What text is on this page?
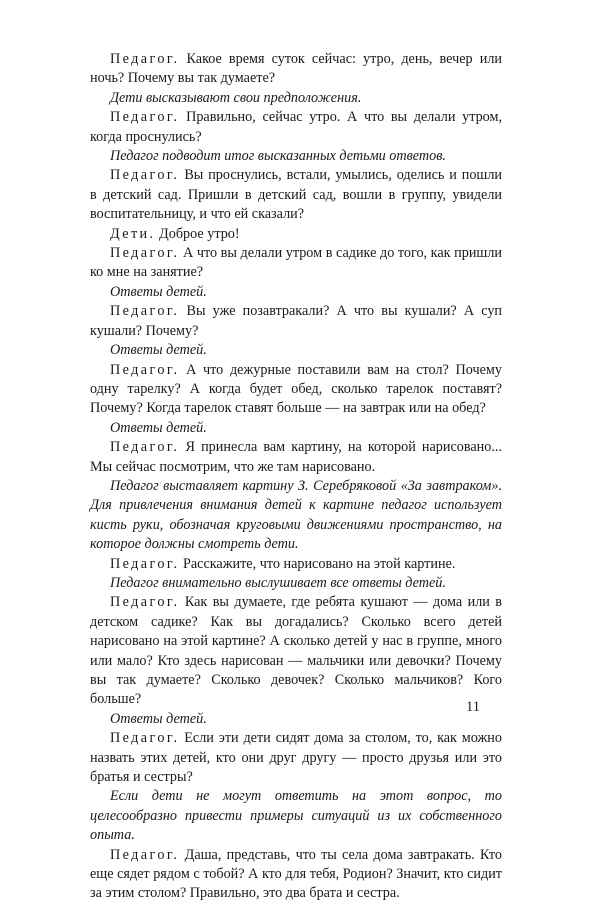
Педагог. Какое время суток сейчас: утро, день, вечер или ночь? Почему вы так думаете?

Дети высказывают свои предположения.

Педагог. Правильно, сейчас утро. А что вы делали утром, когда проснулись?

Педагог подводит итог высказанных детьми ответов.

Педагог. Вы проснулись, встали, умылись, оделись и пошли в детский сад. Пришли в детский сад, вошли в группу, увидели воспитательницу, и что ей сказали?

Дети. Доброе утро!

Педагог. А что вы делали утром в садике до того, как пришли ко мне на занятие?

Ответы детей.

Педагог. Вы уже позавтракали? А что вы кушали? А суп кушали? Почему?

Ответы детей.

Педагог. А что дежурные поставили вам на стол? Почему одну тарелку? А когда будет обед, сколько тарелок поставят? Почему? Когда тарелок ставят больше — на завтрак или на обед?

Ответы детей.

Педагог. Я принесла вам картину, на которой нарисовано... Мы сейчас посмотрим, что же там нарисовано.

Педагог выставляет картину З. Серебряковой «За завтраком». Для привлечения внимания детей к картине педагог использует кисть руки, обозначая круговыми движениями пространство, на которое должны смотреть дети.

Педагог. Расскажите, что нарисовано на этой картине.

Педагог внимательно выслушивает все ответы детей.

Педагог. Как вы думаете, где ребята кушают — дома или в детском садике? Как вы догадались? Сколько всего детей нарисовано на этой картине? А сколько детей у нас в группе, много или мало? Кто здесь нарисован — мальчики или девочки? Почему вы так думаете? Сколько девочек? Сколько мальчиков? Кого больше?

Ответы детей.

Педагог. Если эти дети сидят дома за столом, то, как можно назвать этих детей, кто они друг другу — просто друзья или это братья и сестры?

Если дети не могут ответить на этот вопрос, то целесообразно привести примеры ситуаций из их собственного опыта.

Педагог. Даша, представь, что ты села дома завтракать. Кто еще сядет рядом с тобой? А кто для тебя, Родион? Значит, кто сидит за этим столом? Правильно, это два брата и сестра.

11
